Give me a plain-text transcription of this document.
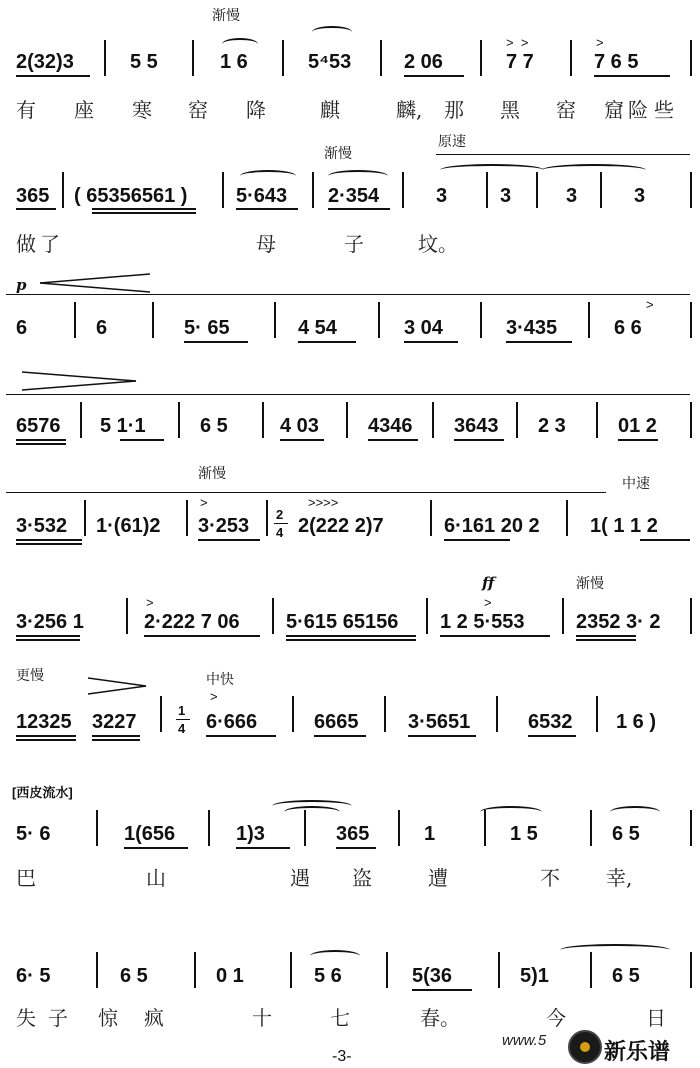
渐慢
>  >	>
2(32)3	5 5	1 6	5⁴53	2 06	7 7	7 6 5
有 座 寒 窑 降	麒	麟, 那 黑 窑 窟 险 些
渐慢
原速
365 ( 65356561 ) 5·643 2·354	3	3	3	3
做 了	母	子	坟。
p
>
6	6	5· 65	4 54	3 04	3·435	6 6
6576 5 1·1	6 5	4 03 4346 3643 2 3	01 2
渐慢
中速
>>>>
>
3·532 1·(61)2 3·253
2
4 2(222 2)7	6·161 20 2	1( 1 1 2
ff	渐慢
>	>
3·256 1	2·222 7 06 5·615 65156 1 2 5·553	2352 3· 2
更慢	中快
>
12325 3227
1
4 6·666	6665 3·5651	6532 1 6 )
[西皮流水]
5· 6	1(656	1)3	365	1	1 5	6 5
巴	山	遇 盗	遭	不 幸,
6· 5	6 5	0 1	5 6	5(36	5)1	6 5
失 子 惊 疯	十	七	春。	今	日
-3-
www.5	新乐谱
